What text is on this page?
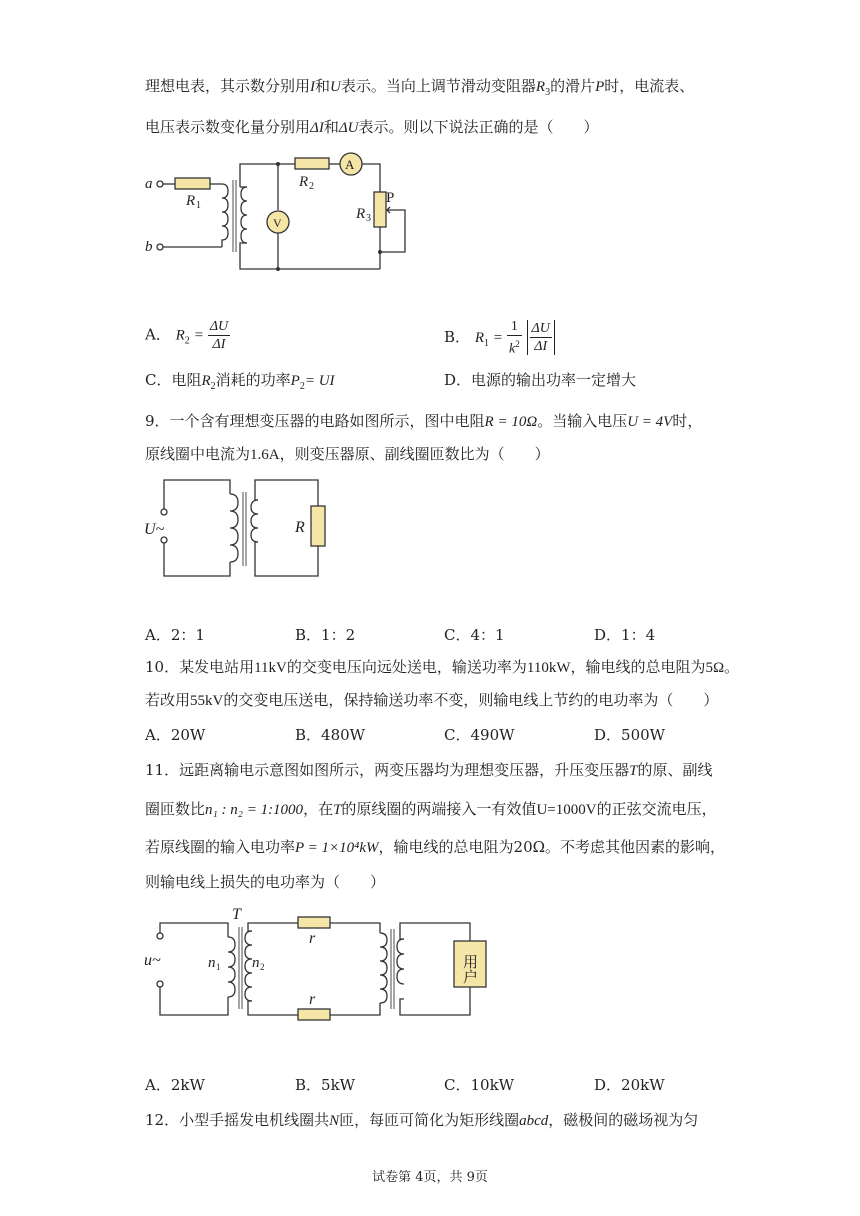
理想电表，其示数分别用I和U表示。当向上调节滑动变阻器$R_3$的滑片P时，电流表、
电压表示数变化量分别用ΔI和ΔU表示。则以下说法正确的是（　　）
a
b
R 1
R 2
R 3
P
A
V
A． $R_2 = \frac{\Delta U}{\Delta I}$	B． $R_1 = \frac{1}{k^2}$
$\frac{\Delta U}{\Delta I}$
C．电阻$R_2$消耗的功率$P_2=$ UI	D．电源的输出功率一定增大
9．一个含有理想变压器的电路如图所示，图中电阻R = 10Ω。当输入电压U = 4V时，
原线圈中电流为1.6A，则变压器原、副线圈匝数比为（　　）
U~	R
A．2：1	B．1：2	C．4：1	D．1：4
10．某发电站用11kV的交变电压向远处送电，输送功率为110kW，输电线的总电阻为5Ω。
若改用55kV的交变电压送电，保持输送功率不变，则输电线上节约的电功率为（　　）
A．20W	B．480W	C．490W	D．500W
11．远距离输电示意图如图所示，两变压器均为理想变压器，升压变压器T的原、副线
圈匝数比n₁ : n₂ = 1:1000，在T的原线圈的两端接入一有效值U=1000V的正弦交流电压，
若原线圈的输入电功率P = 1×10⁴kW，输电线的总电阻为20Ω。不考虑其他因素的影响，
则输电线上损失的电功率为（　　）
T
u~	n 1 n 2
r
r
用户
A．2kW	B．5kW	C．10kW	D．20kW
12．小型手摇发电机线圈共N匝，每匝可简化为矩形线圈abcd，磁极间的磁场视为匀
试卷第 4页，共 9页
